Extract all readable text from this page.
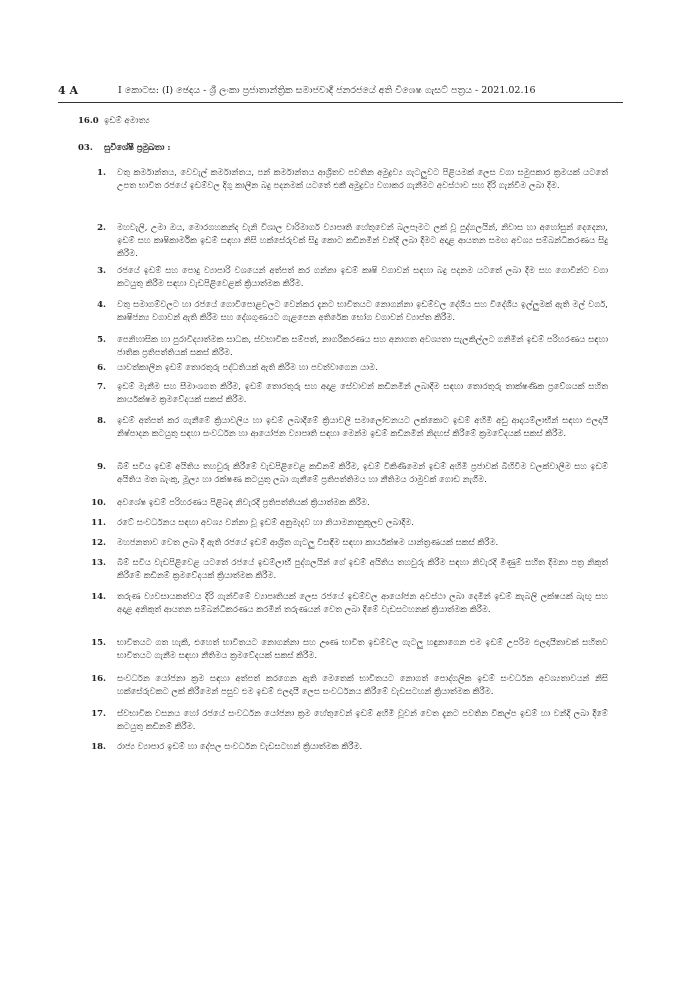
4 A	I කොටස: (I) ඡෙදය - ශ්‍රී ලංකා ප්‍රජාතාන්ත්‍රික සමාජවාදී ජනරජයේ අති විශෙෂ ගැසට් පත්‍රය - 2021.02.16
16.0 ඉඩම් අමාත්‍ය
03. සුවිශේෂී ප්‍රමුඛතා :
1. වතු කර්මාන්තය, වෙවැල් කර්මාන්තය, පන් කර්මාන්තය ආශ්‍රිතව පවතින අමුද්‍රව්‍ය ගැටලුවට පිළියමක් ලෙස වගා සමුපකාර ක්‍රමයක් යටතේ උපත භාවිත රජයේ ඉඩම්වල දිගු කාලීන බදු පදනමක් යටතේ එකී අමුද්‍රව්‍ය වගාකර ගැනීමට අවස්ථාව සහ දිරි ගැන්වීම ලබා දීම.
2. මහවැලි, උමා ඔය, මොරගහකන්ද වැනි විශාල වාරිමාර්ග ව්‍යාපෘති හේතුවෙන් බලපෑමට ලක් වූ පුද්ගලයින්, නිවාස හා අහෝසුන් දෙදෙනා, ඉඩම් සහ කෘෂිකාර්මික ඉඩම් සඳහා නිසි හක්සේරුවක් සිදු කොට කඩිනමින් වන්දි ලබා දීමට අදාළ ආයතන සමඟ අවශ්‍ය සම්බන්ධීකරණය සිදු කිරීම.
3. රජයේ ඉඩම් සහ පොදු ව්‍යාපාරි වශයෙන් අත්පත් කර ගන්නා ඉඩම් කෘෂි වගාවන් සඳහා බදු පදනම යටතේ ලබා දීම සහ ගොවීන්ට වගා කටයුතු කිරීම සඳහා වැඩපිළිවෙළක් ක්‍රියාත්මක කිරීම.
4. වතු සමාගම්වලට හා රජයේ ගොවිපොළවලට වෙන්කර දැනට භාවිතයට නොගන්නා ඉඩම්වල දේශීය සහ විදේශීය ඉල්ලුමක් ඇති මල් වර්ග, කෘෂිජන්‍ය වගාවන් ඇති කිරීම සහ දේශගුණයට ගැළපෙන අතිරේක භෝග වගාවන් ව්‍යාප්ත කිරීම.
5. පෙනිහාසික හා පුරාවිද්‍යාත්මක සාධක, ස්වභාවික සම්පත්, නාගරීකරණය සහ අනාගත අවශ්‍යතා සැලකිල්ලට ගනිමින් ඉඩම් පරිහරණය සඳහා ජාතික ප්‍රතිපත්තියක් සකස් කිරීම.
6. යාවත්කාලීන ඉඩම් තොරතුරු පද්ධතියක් ඇති කිරීම හා පවත්වාගෙන යාම.
7. ඉඩම් මැනීම සහ සීමාංශගත කිරීම, ඉඩම් තොරතුරු සහ අදාළ සේවාවන් කඩිනමින් ලබාදීම සඳහා තොරතුරු තාක්ෂණික ප්‍රවේශයක් සහිත කාර්යක්ෂම ක්‍රමවේදයක් සකස් කිරීම.
8. ඉඩම් අත්පත් කර ගැනීමේ ක්‍රියාවලිය හා ඉඩම් ලබාදීමේ ක්‍රියාවලි සමාලෝචනයට ලක්කොට ඉඩම් අහිමි අඩු ආදායම්ලාභීන් සඳහා ඵලදායී නිෂ්පාදන කටයුතු සඳහා සංවර්ධන හා ආයෝජන ව්‍යාපෘති සඳහා මෙන්ම ඉඩම් කඩිනමින් නිදහස් කිරීමේ ක්‍රමවේදයක් සකස් කිරීම.
9. බිම් සවිය ඉඩම් අයිතිය තහවුරු කිරීමේ වැඩපිළිවෙළ කඩිනම් කිරීම, ඉඩම් විකිණීමෙන් ඉඩම් අහිමි ප්‍රජාවක් බිහිවීම වලක්වාලීම සහ ඉඩම් අයිතිය මත බැංකු, මූල්‍ය හා රක්ෂණ කටයුතු ලබා ගැනීමේ ප්‍රතිපත්තිමය හා නීතිමය රාමුවක් ගොඩ නැගීම.
10. අවශේෂ ඉඩම් පරිහරණය පිළිබඳ නිවැරදි ප්‍රතිපත්තියක් ක්‍රියාත්මක කිරීම.
11. රටේ සංවර්ධනය සඳහා අවශ්‍ය වන්නා වූ ඉඩම් අනුමැදව හා නියාමනානුකූලව ලබාදීම.
12. මහජනතාව වෙත ලබා දී ඇති රජයේ ඉඩම් ආශ්‍රිත ගැටලු විසඳීම සඳහා කාර්යක්ෂම යාන්ත්‍රණයක් සකස් කිරීම.
13. බිම් සවිය වැඩපිළිවෙළ යටතේ රජයේ ඉඩම්ලාභී පුද්ගලයින් ගේ ඉඩම් අයිතිය තහවුරු කිරීම සඳහා නිවැරදි මිණුම් සහිත දීමනා පත්‍ර නිකුත් කිරීමේ කඩිනම් ක්‍රමවේදයක් ක්‍රියාත්මක කිරීම.
14. තරුණ ව්‍යවසායකත්වය දිරි ගැන්වීමේ ව්‍යාපෘතියක් ලෙස රජයේ ඉඩම්වල ආයෝජන අවස්ථා ලබා දෙමින් ඉඩම් කැබලි ලක්ෂයක් බැඟු සහ අදාළ අනිකුත් ආයතන සම්බන්ධීකරණය කරමින් තරුණයන් වෙත ලබා දීමේ වැඩසටහනක් ක්‍රියාත්මක කිරීම.
15. භාවිතයට ගත හැකි, එහෙත් භාවිතයට නොගන්නා සහ ඌණ භාවිත ඉඩම්වල ගැටලු හඳුනාගෙන එම ඉඩම් උපරිම ඵලදායීතාවක් සහිතව භාවිතයට ගැනීම සඳහා නීතිමය ක්‍රමවේදයක් සකස් කිරීම.
16. සංවර්ධන යෝජනා ක්‍රම සඳහා අත්පත් කරගෙන ඇති මෙතෙක් භාවිතයට නොගත් පොද්ගලික ඉඩම් සංවර්ධන අවශ්‍යතාවයන් නිසි හක්සේරුවකට ලක් කිරීමෙන් පසුව එම ඉඩම් ඵලදායී ලෙස සංවර්ධනය කිරීමේ වැඩසටහන් ක්‍රියාත්මක කිරීම.
17. ස්වභාවික වසනය හෝ රජයේ සංවර්ධන යෝජනා ක්‍රම හේතුවෙන් ඉඩම් අහිමි වූවන් වෙත දැනට පවතින විකල්ප ඉඩම් හා වන්දි ලබා දීමේ කටයුතු කඩිනම් කිරීම.
18. රාජ්‍ය ව්‍යාපාර ඉඩම් හා දේපල සංවර්ධන වැඩසටහන් ක්‍රියාත්මක කිරීම.
